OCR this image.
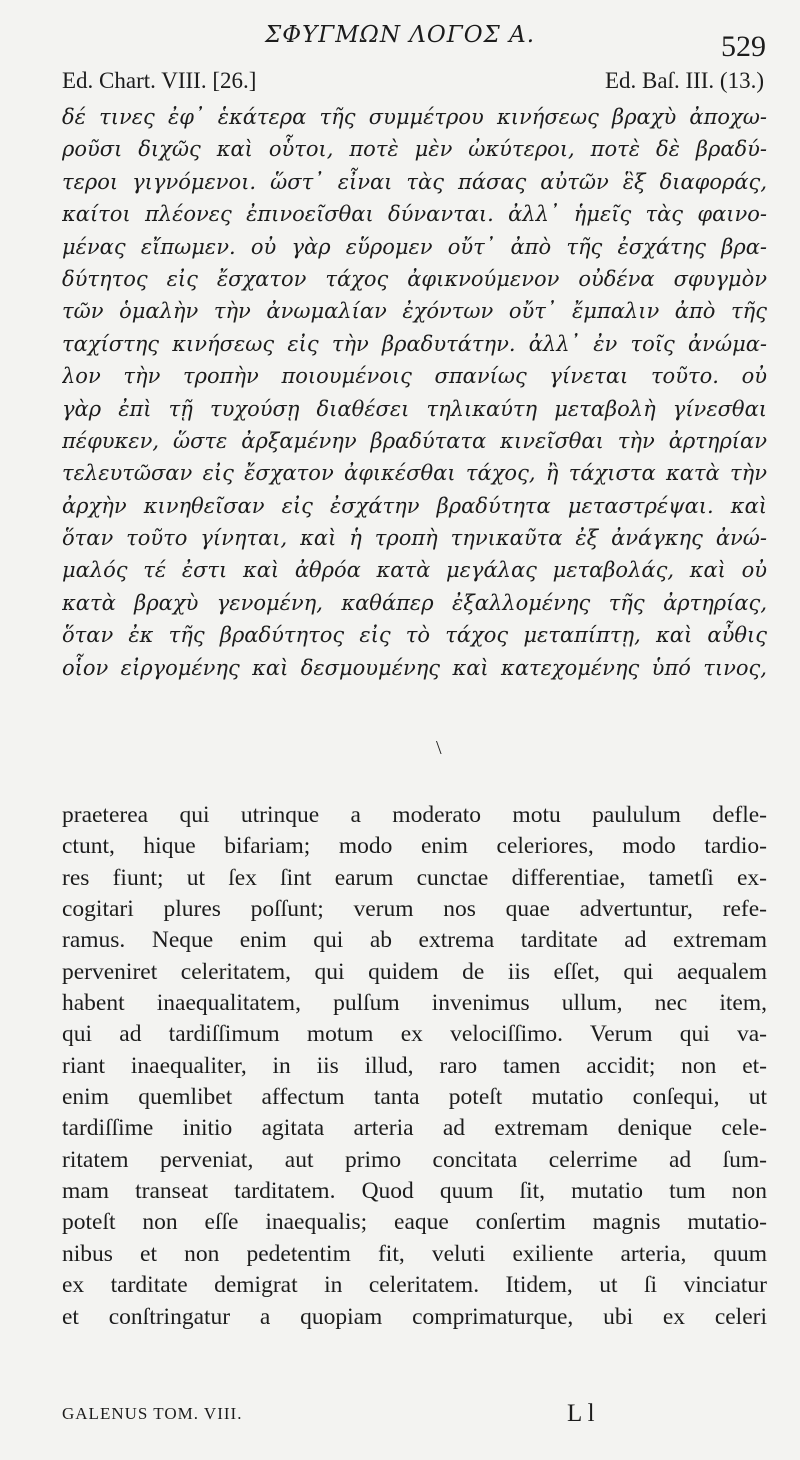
ΣΦΥΓΜΩΝ ΛΟΓΟΣ Α.	529
Ed. Chart. VIII. [26.]	Ed. Baſ. III. (13.)
δέ τινες ἐφ᾽ ἑκάτερα τῆς συμμέτρου κινήσεως βραχὺ ἀποχω-
ροῦσι διχῶς καὶ οὗτοι, ποτὲ μὲν ὠκύτεροι, ποτὲ δὲ βραδύ-
τεροι γιγνόμενοι. ὥστ᾽ εἶναι τὰς πάσας αὐτῶν ἓξ διαφοράς,
καίτοι πλέονες ἐπινοεῖσθαι δύνανται. ἀλλ᾽ ἡμεῖς τὰς φαινο-
μένας εἴπωμεν. οὐ γὰρ εὕρομεν οὔτ᾽ ἀπὸ τῆς ἐσχάτης βρα-
δύτητος εἰς ἔσχατον τάχος ἀφικνούμενον οὐδένα σφυγμὸν
τῶν ὁμαλὴν τὴν ἀνωμαλίαν ἐχόντων οὔτ᾽ ἔμπαλιν ἀπὸ τῆς
ταχίστης κινήσεως εἰς τὴν βραδυτάτην. ἀλλ᾽ ἐν τοῖς ἀνώμα-
λον τὴν τροπὴν ποιουμένοις σπανίως γίνεται τοῦτο. οὐ
γὰρ ἐπὶ τῇ τυχούσῃ διαθέσει τηλικαύτη μεταβολὴ γίνεσθαι
πέφυκεν, ὥστε ἀρξαμένην βραδύτατα κινεῖσθαι τὴν ἀρτηρίαν
τελευτῶσαν εἰς ἔσχατον ἀφικέσθαι τάχος, ἢ τάχιστα κατὰ τὴν
ἀρχὴν κινηθεῖσαν εἰς ἐσχάτην βραδύτητα μεταστρέψαι. καὶ
ὅταν τοῦτο γίνηται, καὶ ἡ τροπὴ τηνικαῦτα ἐξ ἀνάγκης ἀνώ-
μαλός τέ ἐστι καὶ ἀθρόα κατὰ μεγάλας μεταβολάς, καὶ οὐ
κατὰ βραχὺ γενομένη, καθάπερ ἐξαλλομένης τῆς ἀρτηρίας,
ὅταν ἐκ τῆς βραδύτητος εἰς τὸ τάχος μεταπίπτῃ, καὶ αὖθις
οἷον εἰργομένης καὶ δεσμουμένης καὶ κατεχομένης ὑπό τινος,
\
praeterea qui utrinque a moderato motu paululum defle-
ctunt, hique bifariam; modo enim celeriores, modo tardio-
res fiunt; ut ſex ſint earum cunctae differentiae, tametſi ex-
cogitari plures poſſunt; verum nos quae advertuntur, refe-
ramus. Neque enim qui ab extrema tarditate ad extremam
perveniret celeritatem, qui quidem de iis eſſet, qui aequalem
habent inaequalitatem, pulſum invenimus ullum, nec item,
qui ad tardiſſimum motum ex velociſſimo. Verum qui va-
riant inaequaliter, in iis illud, raro tamen accidit; non et-
enim quemlibet affectum tanta poteſt mutatio conſequi, ut
tardiſſime initio agitata arteria ad extremam denique cele-
ritatem perveniat, aut primo concitata celerrime ad ſum-
mam transeat tarditatem. Quod quum ſit, mutatio tum non
poteſt non eſſe inaequalis; eaque conſertim magnis mutatio-
nibus et non pedetentim fit, veluti exiliente arteria, quum
ex tarditate demigrat in celeritatem. Itidem, ut ſi vinciatur
et conſtringatur a quopiam comprimaturque, ubi ex celeri
GALENUS TOM. VIII.	L l
